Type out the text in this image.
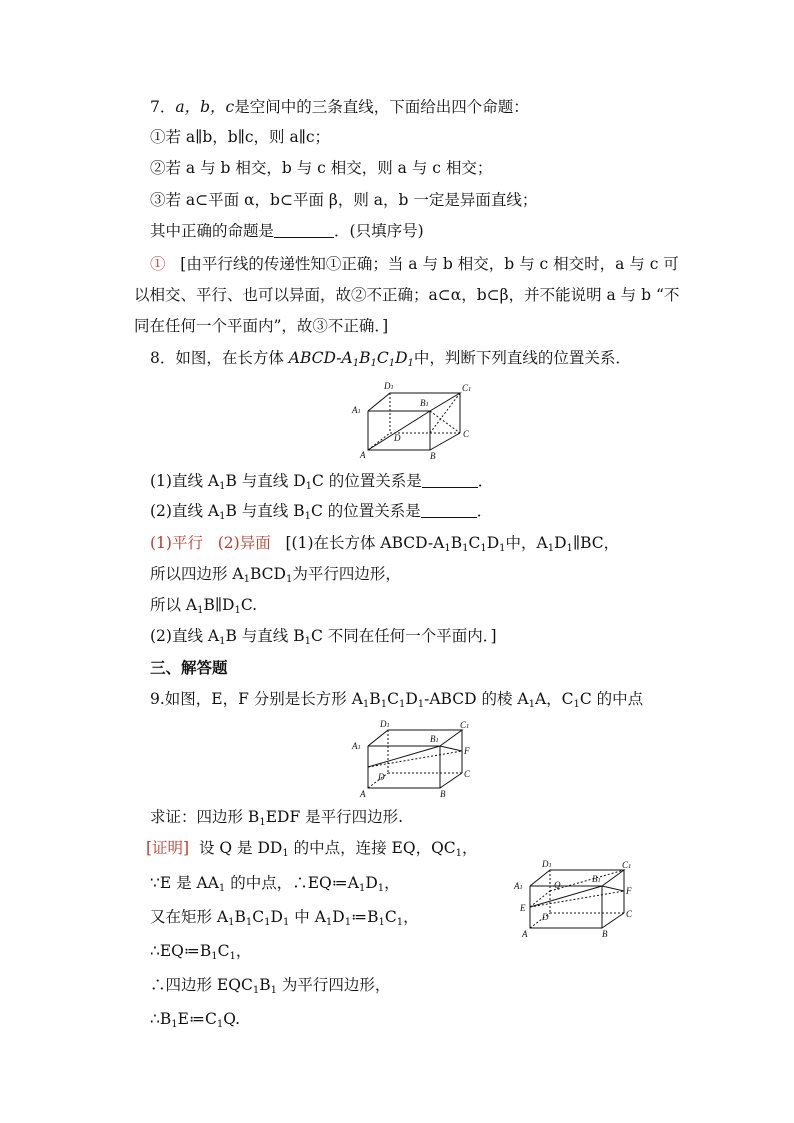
7．a，b，c是空间中的三条直线，下面给出四个命题：
①若 a∥b，b∥c，则 a∥c；
②若 a 与 b 相交，b 与 c 相交，则 a 与 c 相交；
③若 a⊂平面 α，b⊂平面 β，则 a，b 一定是异面直线；
其中正确的命题是	．(只填序号)
① [由平行线的传递性知①正确；当 a 与 b 相交，b 与 c 相交时，a 与 c 可
以相交、平行、也可以异面，故②不正确；a⊂α，b⊂β，并不能说明 a 与 b “不
同在任何一个平面内”，故③不正确．]
8．如图，在长方体 ABCD-$A_1B_1C_1D_1$中，判断下列直线的位置关系．
D1	C1
A1
B1
D	C
A	B
(1)直线 $A_1B$ 与直线 $D_1C$ 的位置关系是	．
(2)直线 $A_1B$ 与直线 $B_1C$ 的位置关系是	．
(1)平行 (2)异面 [(1)在长方体 ABCD-$A_1B_1C_1D_1$中，$A_1D_1\parallel BC$，
所以四边形 $A_1BCD_1$为平行四边形，
所以 $A_1B\parallel D_1C$.
(2)直线 $A_1B$ 与直线 $B_1C$ 不同在任何一个平面内．]
三、解答题
9.如图，E，F 分别是长方形 $A_1B_1C_1D_1$-ABCD 的棱 $A_1A$，$C_1C$ 的中点
D1	C1
A1
B1
F
D	C
A	B
求证：四边形 $B_1EDF$ 是平行四边形.
[证明] 设 Q 是 $DD_1$ 的中点，连接 EQ，$QC_1$，
∵E 是 $AA_1$ 的中点，$\therefore EQ≔A_1D_1$，
又在矩形 $A_1B_1C_1D_1$ 中 $A_1D_1≔B_1C_1$，
$\therefore EQ≔B_1C_1$，
∴四边形 $EQC_1B_1$ 为平行四边形，
$\therefore B_1E≔C_1Q$.
D1	C1
A1	Q
B1
F
E
D	C
A	B
